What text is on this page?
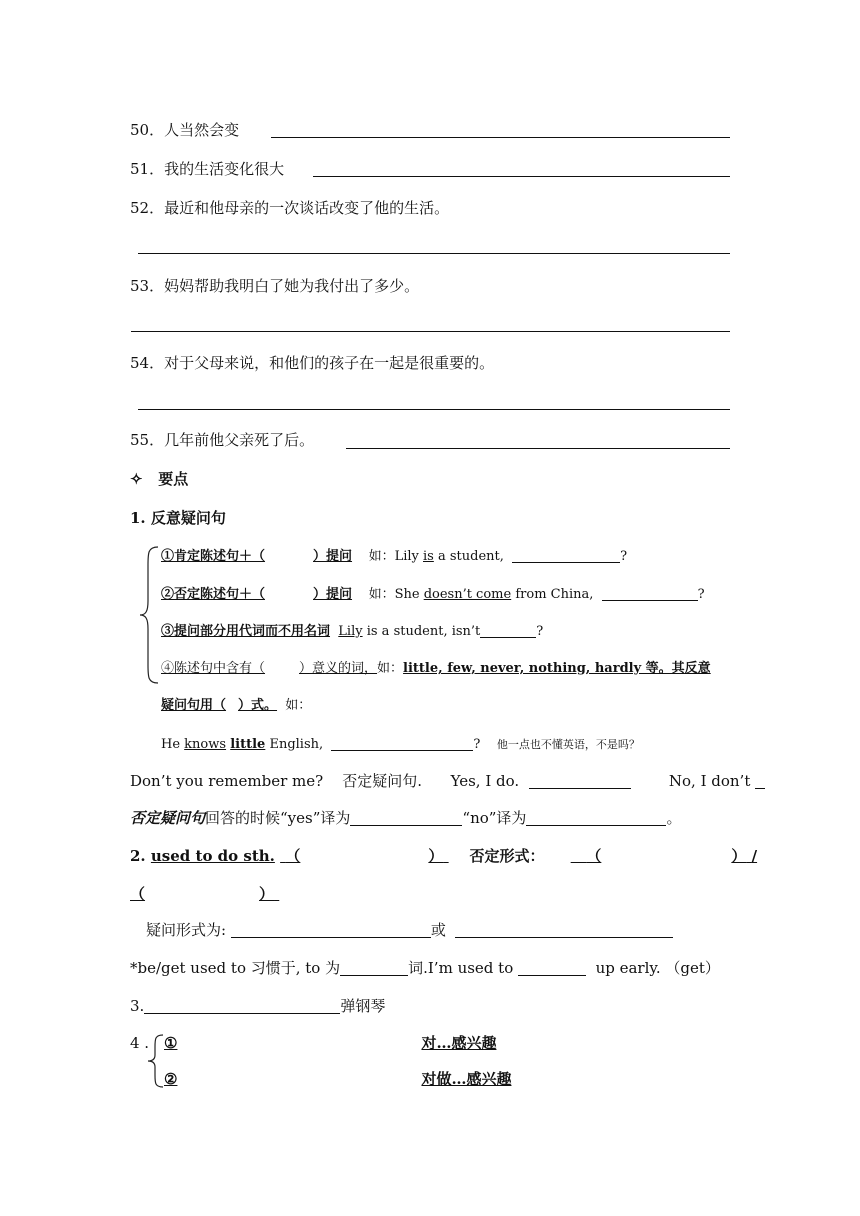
50．人当然会变
51．我的生活变化很大
52．最近和他母亲的一次谈话改变了他的生活。
53．妈妈帮助我明白了她为我付出了多少。
54．对于父母来说，和他们的孩子在一起是很重要的。
55．几年前他父亲死了后。
✧ 要点
1. 反意疑问句
①肯定陈述句＋（	）提问 如：Lily is a student,	?
②否定陈述句＋（	）提问 如：She doesn’t come from China,	?
③提问部分用代词而不用名词 Lily is a student, isn’t	?
④陈述句中含有（	）意义的词，如：little, few, never, nothing, hardly 等。其反意
疑问句用（ ）式。 如：
He knows little English,	? 他一点也不懂英语，不是吗？
Don’t you remember me? 否定疑问句. Yes, I do.	No, I don’t
否定疑问句回答的时候“yes”译为	“no”译为	。
2. used to do sth. （	） 否定形式：	（	） /
（	）
疑问形式为:	或
*be/get used to 习惯于, to 为	词.I’m used to	up early. （get）
3.	弹钢琴
4 . ①	对…感兴趣
②	对做…感兴趣
